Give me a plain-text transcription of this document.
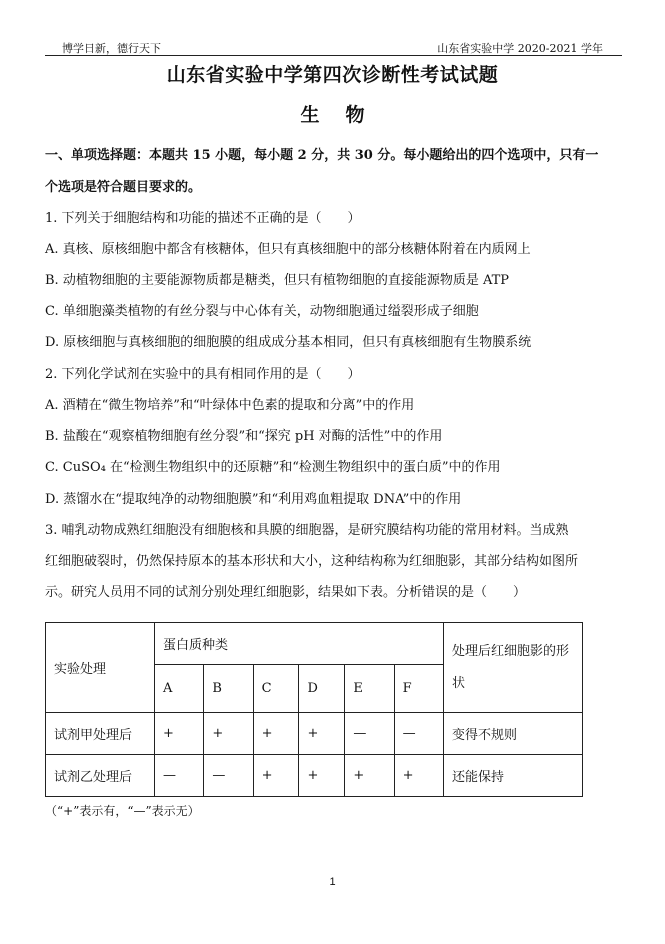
博学日新，德行天下	山东省实验中学 2020-2021 学年
山东省实验中学第四次诊断性考试试题
生物
一、单项选择题：本题共 15 小题，每小题 2 分，共 30 分。每小题给出的四个选项中，只有一
个选项是符合题目要求的。
1. 下列关于细胞结构和功能的描述不正确的是（　　）
A. 真核、原核细胞中都含有核糖体，但只有真核细胞中的部分核糖体附着在内质网上
B. 动植物细胞的主要能源物质都是糖类，但只有植物细胞的直接能源物质是 ATP
C. 单细胞藻类植物的有丝分裂与中心体有关，动物细胞通过缢裂形成子细胞
D. 原核细胞与真核细胞的细胞膜的组成成分基本相同，但只有真核细胞有生物膜系统
2. 下列化学试剂在实验中的具有相同作用的是（　　）
A. 酒精在“微生物培养”和“叶绿体中色素的提取和分离”中的作用
B. 盐酸在“观察植物细胞有丝分裂”和“探究 pH 对酶的活性”中的作用
C. CuSO₄ 在“检测生物组织中的还原糖”和“检测生物组织中的蛋白质”中的作用
D. 蒸馏水在“提取纯净的动物细胞膜”和“利用鸡血粗提取 DNA”中的作用
3. 哺乳动物成熟红细胞没有细胞核和具膜的细胞器，是研究膜结构功能的常用材料。当成熟
红细胞破裂时，仍然保持原本的基本形状和大小，这种结构称为红细胞影，其部分结构如图所
示。研究人员用不同的试剂分别处理红细胞影，结果如下表。分析错误的是（　　）
实验处理	蛋白质种类						处理后红细胞影的形状
	A	B	C	D	E	F	
试剂甲处理后	+	+	+	+	—	—	变得不规则
试剂乙处理后	—	—	+	+	+	+	还能保持
（“+”表示有，“—”表示无）
1
